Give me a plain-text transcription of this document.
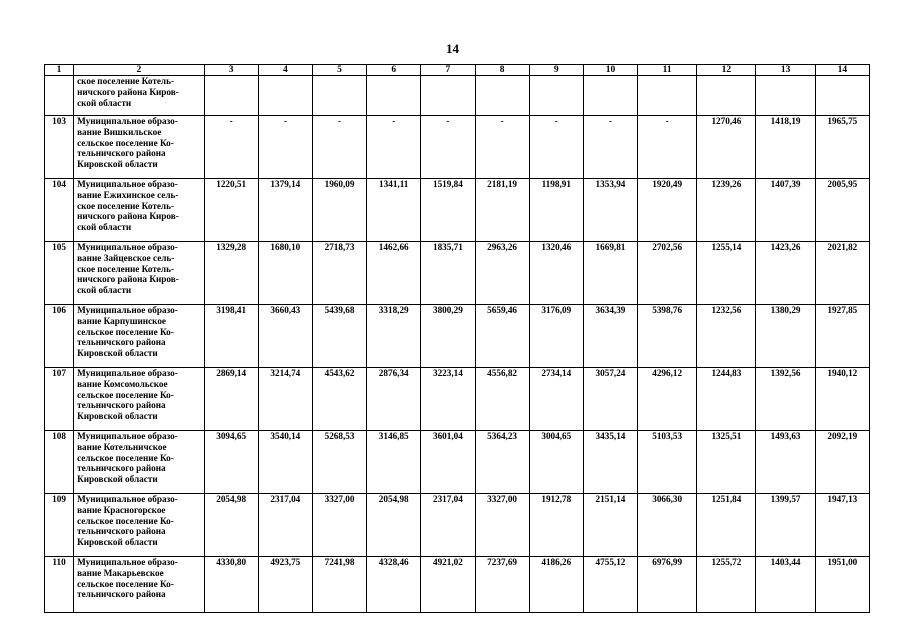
14
1	2	3	4	5	6	7	8	9	10	11	12	13	14

	ское поселение Котель-
ничского района Киров-
ской области												

103	Муниципальное образо-
вание Вишкильское
сельское поселение Ко-
тельничского района
Кировской области	-	-	-	-	-	-	-	-	-	1270,46	1418,19	1965,75
104	Муниципальное образо-
вание Ежихинское сель-
ское поселение Котель-
ничского района Киров-
ской области	1220,51	1379,14	1960,09	1341,11	1519,84	2181,19	1198,91	1353,94	1920,49	1239,26	1407,39	2005,95
105	Муниципальное образо-
вание Зайцевское сель-
ское поселение Котель-
ничского района Киров-
ской области	1329,28	1680,10	2718,73	1462,66	1835,71	2963,26	1320,46	1669,81	2702,56	1255,14	1423,26	2021,82
106	Муниципальное образо-
вание Карпушинское
сельское поселение Ко-
тельничского района
Кировской области	3198,41	3660,43	5439,68	3318,29	3800,29	5659,46	3176,09	3634,39	5398,76	1232,56	1380,29	1927,85
107	Муниципальное образо-
вание Комсомольское
сельское поселение Ко-
тельничского района
Кировской области	2869,14	3214,74	4543,62	2876,34	3223,14	4556,82	2734,14	3057,24	4296,12	1244,83	1392,56	1940,12
108	Муниципальное образо-
вание Котельничское
сельское поселение Ко-
тельничского района
Кировской области	3094,65	3540,14	5268,53	3146,85	3601,04	5364,23	3004,65	3435,14	5103,53	1325,51	1493,63	2092,19
109	Муниципальное образо-
вание Красногорское
сельское поселение Ко-
тельничского района
Кировской области	2054,98	2317,04	3327,00	2054,98	2317,04	3327,00	1912,78	2151,14	3066,30	1251,84	1399,57	1947,13
110	Муниципальное образо-
вание Макарьевское
сельское поселение Ко-
тельничского района	4330,80	4923,75	7241,98	4328,46	4921,02	7237,69	4186,26	4755,12	6976,99	1255,72	1403,44	1951,00
